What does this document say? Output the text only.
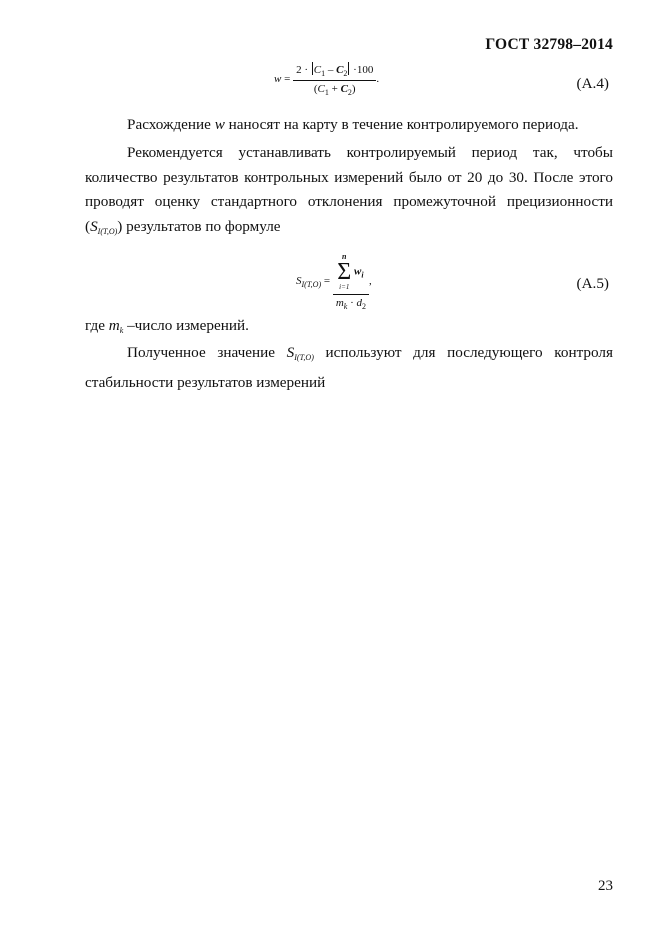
ГОСТ 32798–2014
$w = \frac{2 \cdot C_1 - C_2 \cdot 100}{(C_1 + C_2)}$ .	(А.4)
Расхождение w наносят на карту в течение контролируемого периода.
Рекомендуется устанавливать контролируемый период так, чтобы количество результатов контрольных измерений было от 20 до 30. После этого проводят оценку стандартного отклонения промежуточной прецизионности $(S_{I(T,O)})$ результатов по формуле
$S_{I(T,O)} = n$
Σ
i=1
$w_i$
$m_k \cdot d_2$ ,	(А.5)
где $m_k$ –число измерений.
Полученное значение $S_{I(T,O)}$ используют для последующего контроля стабильности результатов измерений
23
